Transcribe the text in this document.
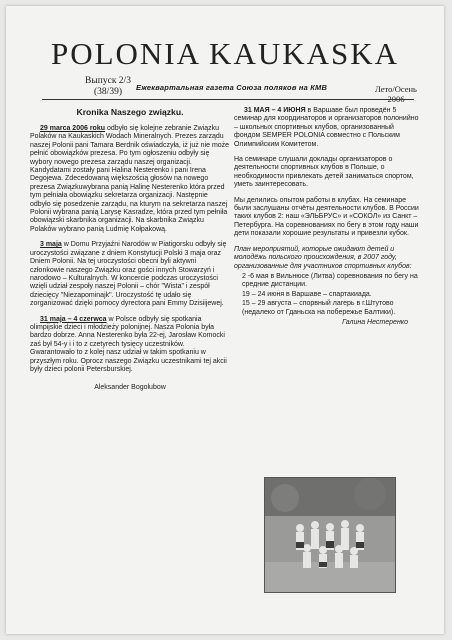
POLONIA KAUKASKA
Выпуск 2/3
(38/39)	Ежеквартальная газета Союза поляков на КМВ	Лето/Осень
2006
Kronika Naszego związku.

29 marca 2006 roku odbyło się kolejne zebranie Związku Polaków na Kaukaskich Wodach Mineralnych. Prezes zarządu naszej Polonii pani Tamara Berdnik oświadczyła, iż już nie może pełnić obowiązków prezesa. Po tym ogłoszeniu odbyły się wybory nowego prezesa zarządu naszej organizacji. Kandydatami zostały pani Halina Nesterenko i pani Irena Degojewa. Zdecedowaną większością głosów na nowego prezesa Związkuwybrana panią Halinę Nesterenko która przed tym pełniała obowiązku sekretarza organizacji. Następnie odbyło się posedzenie zarządu, na kturym na sekretarza naszej Polonii wybrana panią Larysę Kasradze, która przed tym pełniła obowiązski skarbnika organizacji. Na skarbnika Związku Polaków wybrano panią Ludmię Kołpakową.

3 maja w Domu Przyjaźni Narodów w Piatigorsku odbyły się uroczystości związane z dniem Konstytucji Polski 3 maja oraz Dniem Polonii. Na tej uroczystości obecni byli aktywni członkowie naszego Związku oraz gości innych Stowarzyń i narodowo – Kulturalnych. W koncercie podczas uroczystości wzięli udział zespoły naszej Polonii – chór "Wista" i zespół dziecięcy "Niezapominajk". Uroczystość tę udało się zorganizować dzięki pomocy dyrectora pani Emmy Dzisiijewej.

31 maja – 4 czerwca w Polsce odbyły się spotkania olimpijskie dzieci i młodzieży polonijnej. Nasza Polonia była bardzo dobrze. Anna Nesterenko była 22-ej, Jarosław Komocki zaś był 54-y i i to z czetyrech tysięcy uczestników. Gwarantowało to z kolej nasz udział w takim spotkaniu w przyszłym roku. Oprocz naszego Związku uczestnikami tej akcii były dzieci polonii Petersburskiej.

Aleksander Bogolubow

31 МАЯ – 4 ИЮНЯ в Варшаве был проведён 5 семинар для координаторов и организаторов полонийно – школьных спортивных клубов, организованный фондом SEMPER POLONIA совместно с Польским Олимпийским Комитетом.

На семинаре слушали доклады организаторов о деятельности спортивных клубов в Польше, о необходимости привлекать детей заниматься спортом, уметь заинтересовать.

Мы делились опытом работы в клубах. На семинаре были заслушаны отчёты деятельности клубов. В России таких клубов 2: наш «ЭЛЬБРУС» и «СОКОЛ» из Санкт – Петербурга. На соревнованиях по бегу в этом году наши дети показали хорошие результаты и привезли кубок.

План мероприятий, которые ожидают детей и молодёжь польского происхождения, в 2007 году, организованные для участников спортивных клубов:

2 -6 мая в Вильнюсе (Литва) соревнования по бегу на средние дистанции.
19 – 24 июня в Варшаве – спартакиада.
15 – 29 августа – спорвный лагерь в г.Штутово (недалеко от Гданьска на побережье Балтики).
Галина Нестеренко
